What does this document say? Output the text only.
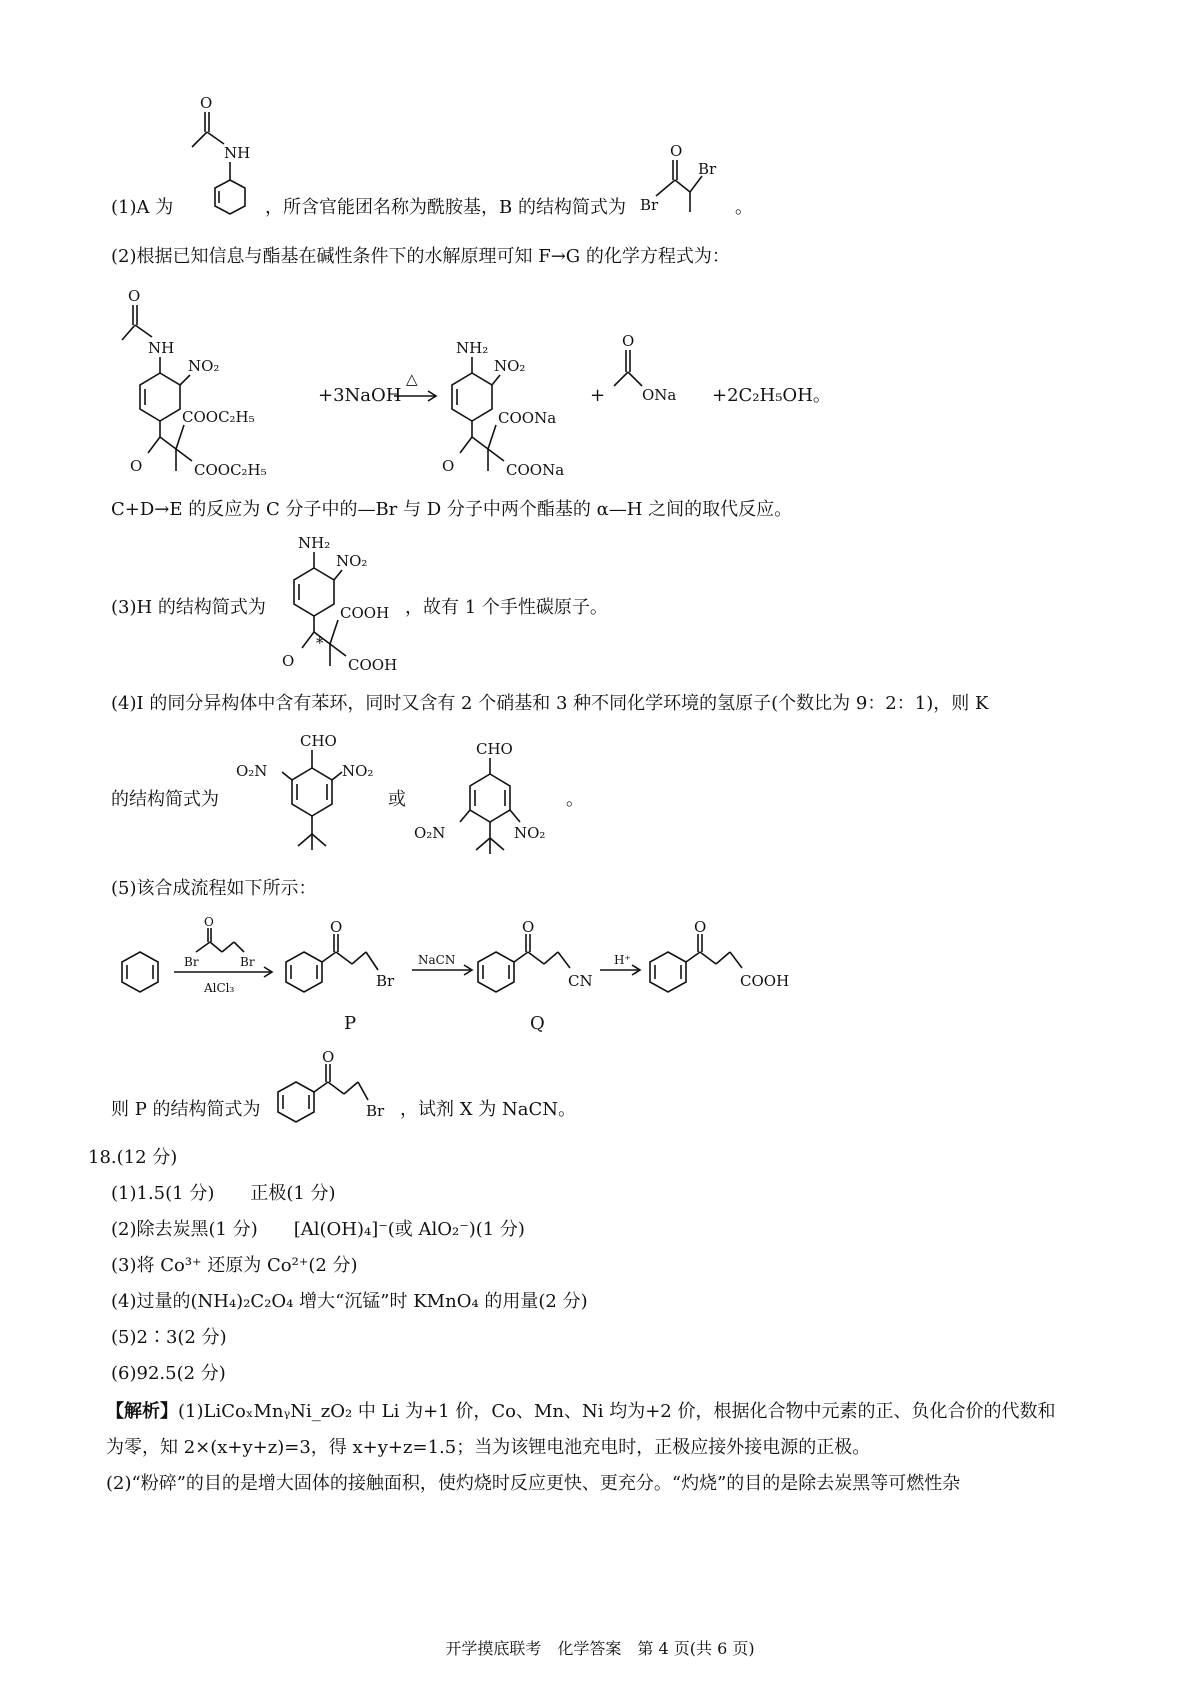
O
NH
(1)A 为	，所含官能团名称为酰胺基，B 的结构简式为
O
Br
Br
。
(2)根据已知信息与酯基在碱性条件下的水解原理可知 F→G 的化学方程式为：
O
NH
NO₂
O
COOC₂H₅
COOC₂H₅
+3NaOH
△
NH₂
NO₂
O
COONa
COONa
+
O
ONa +2C₂H₅OH。
C+D→E 的反应为 C 分子中的—Br 与 D 分子中两个酯基的 α—H 之间的取代反应。
NH₂
NO₂
O
*
COOH
COOH
(3)H 的结构简式为	，故有 1 个手性碳原子。
(4)I 的同分异构体中含有苯环，同时又含有 2 个硝基和 3 种不同化学环境的氢原子(个数比为 9：2：1)，则 K
CHO
O₂N	NO₂
的结构简式为	或
CHO
O₂N	NO₂
。
(5)该合成流程如下所示：
O
Br	Br
AlCl₃
O
Br
NaCN
O
CN
H⁺
O
COOH
P	Q
则 P 的结构简式为
O
Br ，试剂 X 为 NaCN。
18.(12 分)
(1)1.5(1 分)　　正极(1 分)
(2)除去炭黑(1 分)　　[Al(OH)₄]⁻(或 AlO₂⁻)(1 分)
(3)将 Co³⁺ 还原为 Co²⁺(2 分)
(4)过量的(NH₄)₂C₂O₄ 增大“沉锰”时 KMnO₄ 的用量(2 分)
(5)2∶3(2 分)
(6)92.5(2 分)
【解析】 (1)LiCoₓMnᵧNi_zO₂ 中 Li 为+1 价，Co、Mn、Ni 均为+2 价，根据化合物中元素的正、负化合价的代数和
为零，知 2×(x+y+z)=3，得 x+y+z=1.5；当为该锂电池充电时，正极应接外接电源的正极。
(2)“粉碎”的目的是增大固体的接触面积，使灼烧时反应更快、更充分。“灼烧”的目的是除去炭黑等可燃性杂
开学摸底联考　化学答案　第 4 页(共 6 页)
